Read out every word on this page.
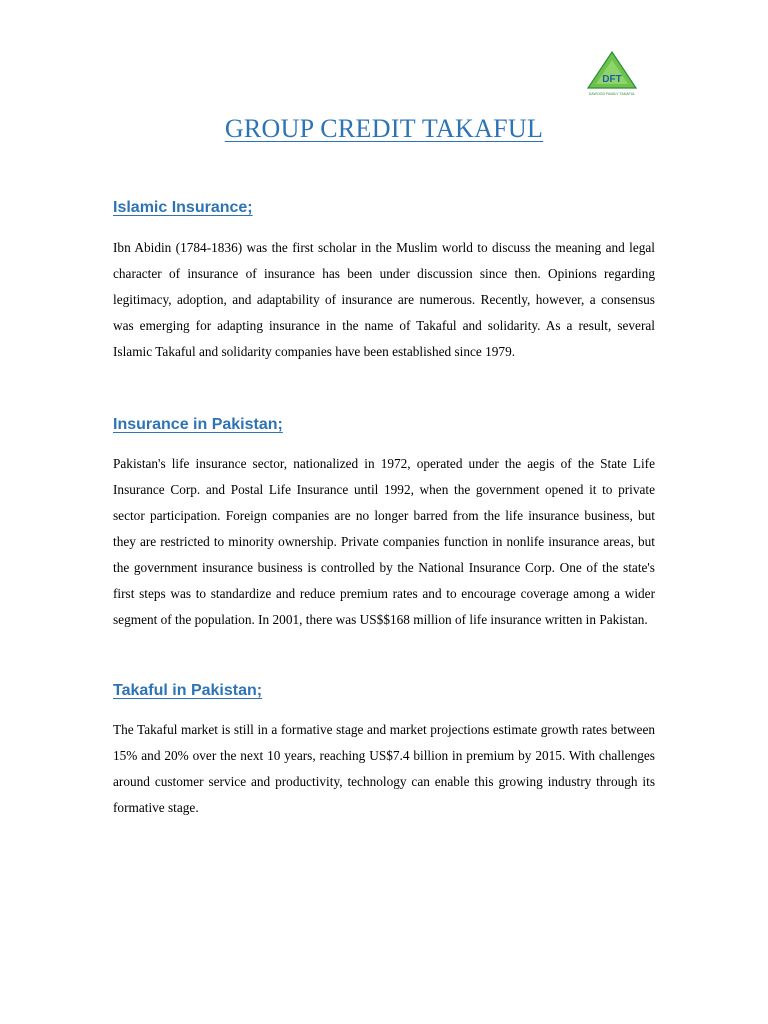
DFT
DAWOOD FAMILY TAKAFUL
GROUP CREDIT TAKAFUL
Islamic Insurance;

Ibn Abidin (1784-1836) was the first scholar in the Muslim world to discuss the meaning and legal character of insurance of insurance has been under discussion since then. Opinions regarding legitimacy, adoption, and adaptability of insurance are numerous. Recently, however, a consensus was emerging for adapting insurance in the name of Takaful and solidarity. As a result, several Islamic Takaful and solidarity companies have been established since 1979.

Insurance in Pakistan;

Pakistan's life insurance sector, nationalized in 1972, operated under the aegis of the State Life Insurance Corp. and Postal Life Insurance until 1992, when the government opened it to private sector participation. Foreign companies are no longer barred from the life insurance business, but they are restricted to minority ownership. Private companies function in nonlife insurance areas, but the government insurance business is controlled by the National Insurance Corp. One of the state's first steps was to standardize and reduce premium rates and to encourage coverage among a wider segment of the population. In 2001, there was US$$168 million of life insurance written in Pakistan.

Takaful in Pakistan;

The Takaful market is still in a formative stage and market projections estimate growth rates between 15% and 20% over the next 10 years, reaching US$7.4 billion in premium by 2015. With challenges around customer service and productivity, technology can enable this growing industry through its formative stage.
